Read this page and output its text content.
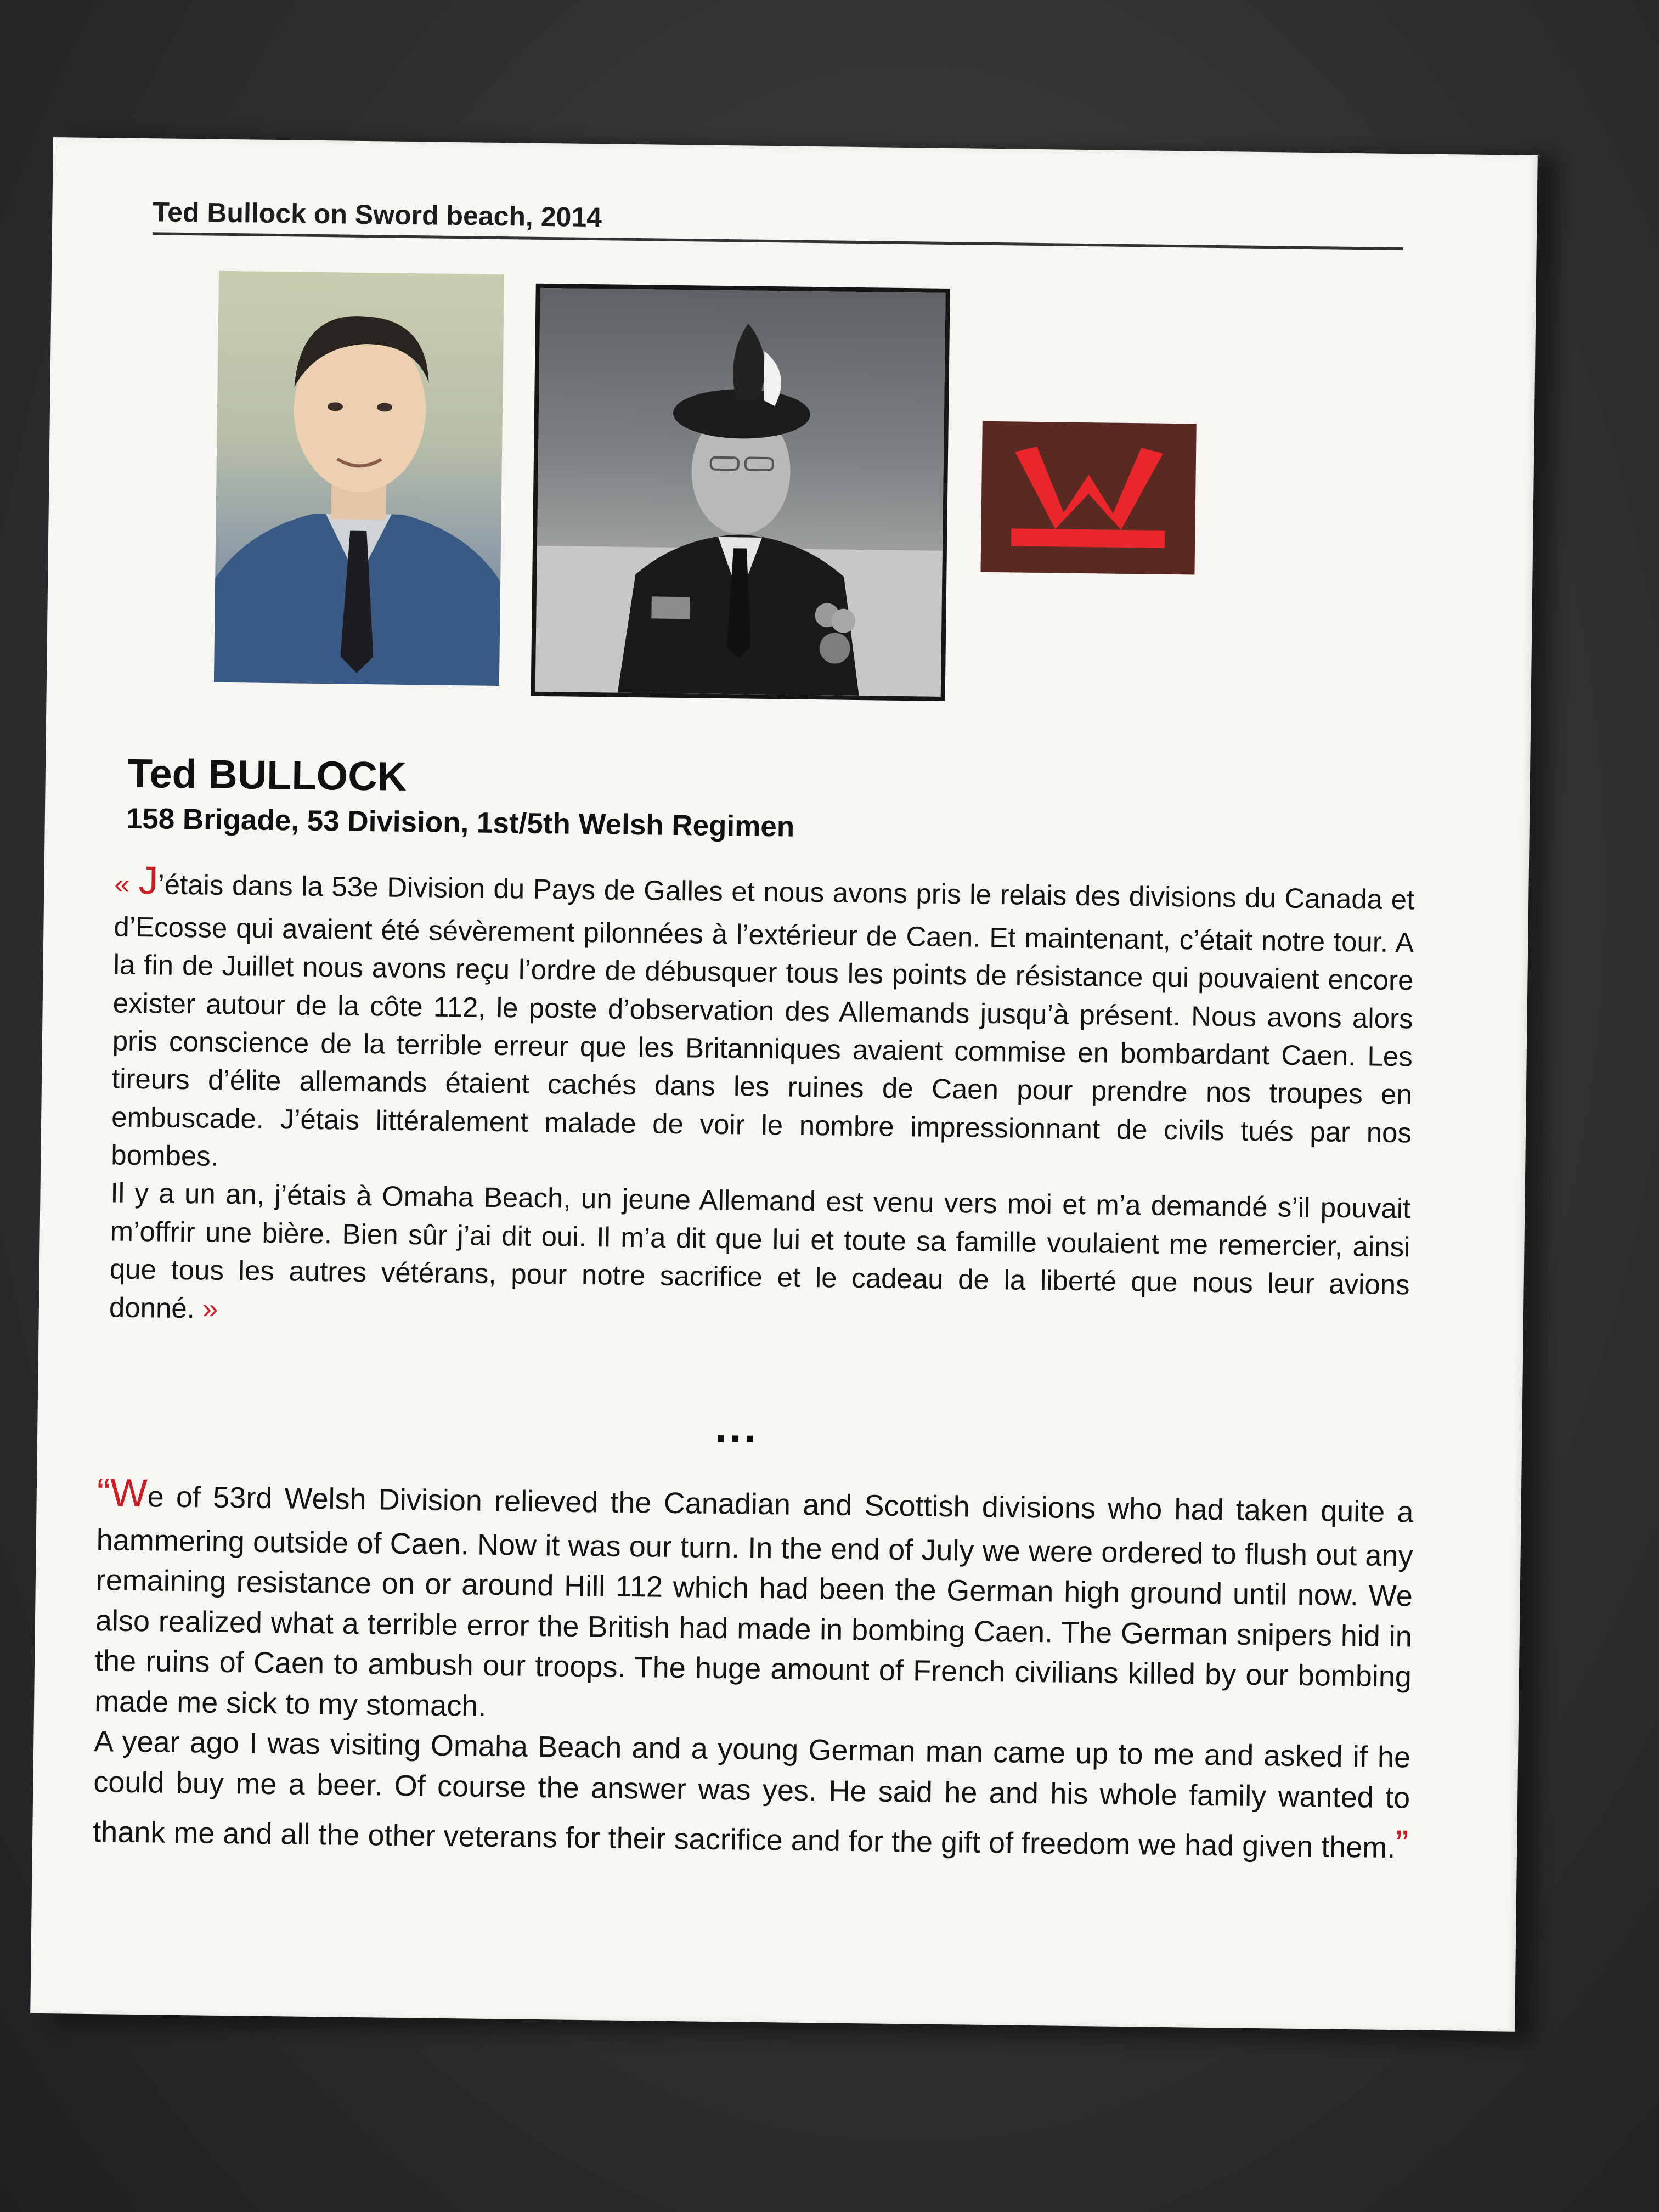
Ted Bullock on Sword beach, 2014
Ted BULLOCK
158 Brigade, 53 Division, 1st/5th Welsh Regimen

« J’étais dans la 53e Division du Pays de Galles et nous avons pris le relais des divisions du Canada et d’Ecosse qui avaient été sévèrement pilonnées à l’extérieur de Caen. Et maintenant, c’était notre tour. A la fin de Juillet nous avons reçu l’ordre de débusquer tous les points de résistance qui pouvaient encore exister autour de la côte 112, le poste d’observation des Allemands jusqu’à présent. Nous avons alors pris conscience de la terrible erreur que les Britanniques avaient commise en bombardant Caen. Les tireurs d’élite allemands étaient cachés dans les ruines de Caen pour prendre nos troupes en embuscade. J’étais littéralement malade de voir le nombre impressionnant de civils tués par nos bombes.

Il y a un an, j’étais à Omaha Beach, un jeune Allemand est venu vers moi et m’a demandé s’il pouvait m’offrir une bière. Bien sûr j’ai dit oui. Il m’a dit que lui et toute sa famille voulaient me remercier, ainsi que tous les autres vétérans, pour notre sacrifice et le cadeau de la liberté que nous leur avions donné. »

...

“We of 53rd Welsh Division relieved the Canadian and Scottish divisions who had taken quite a hammering outside of Caen. Now it was our turn. In the end of July we were ordered to flush out any remaining resistance on or around Hill 112 which had been the German high ground until now. We also realized what a terrible error the British had made in bombing Caen. The German snipers hid in the ruins of Caen to ambush our troops. The huge amount of French civilians killed by our bombing made me sick to my stomach.

A year ago I was visiting Omaha Beach and a young German man came up to me and asked if he could buy me a beer. Of course the answer was yes. He said he and his whole family wanted to thank me and all the other veterans for their sacrifice and for the gift of freedom we had given them.”
